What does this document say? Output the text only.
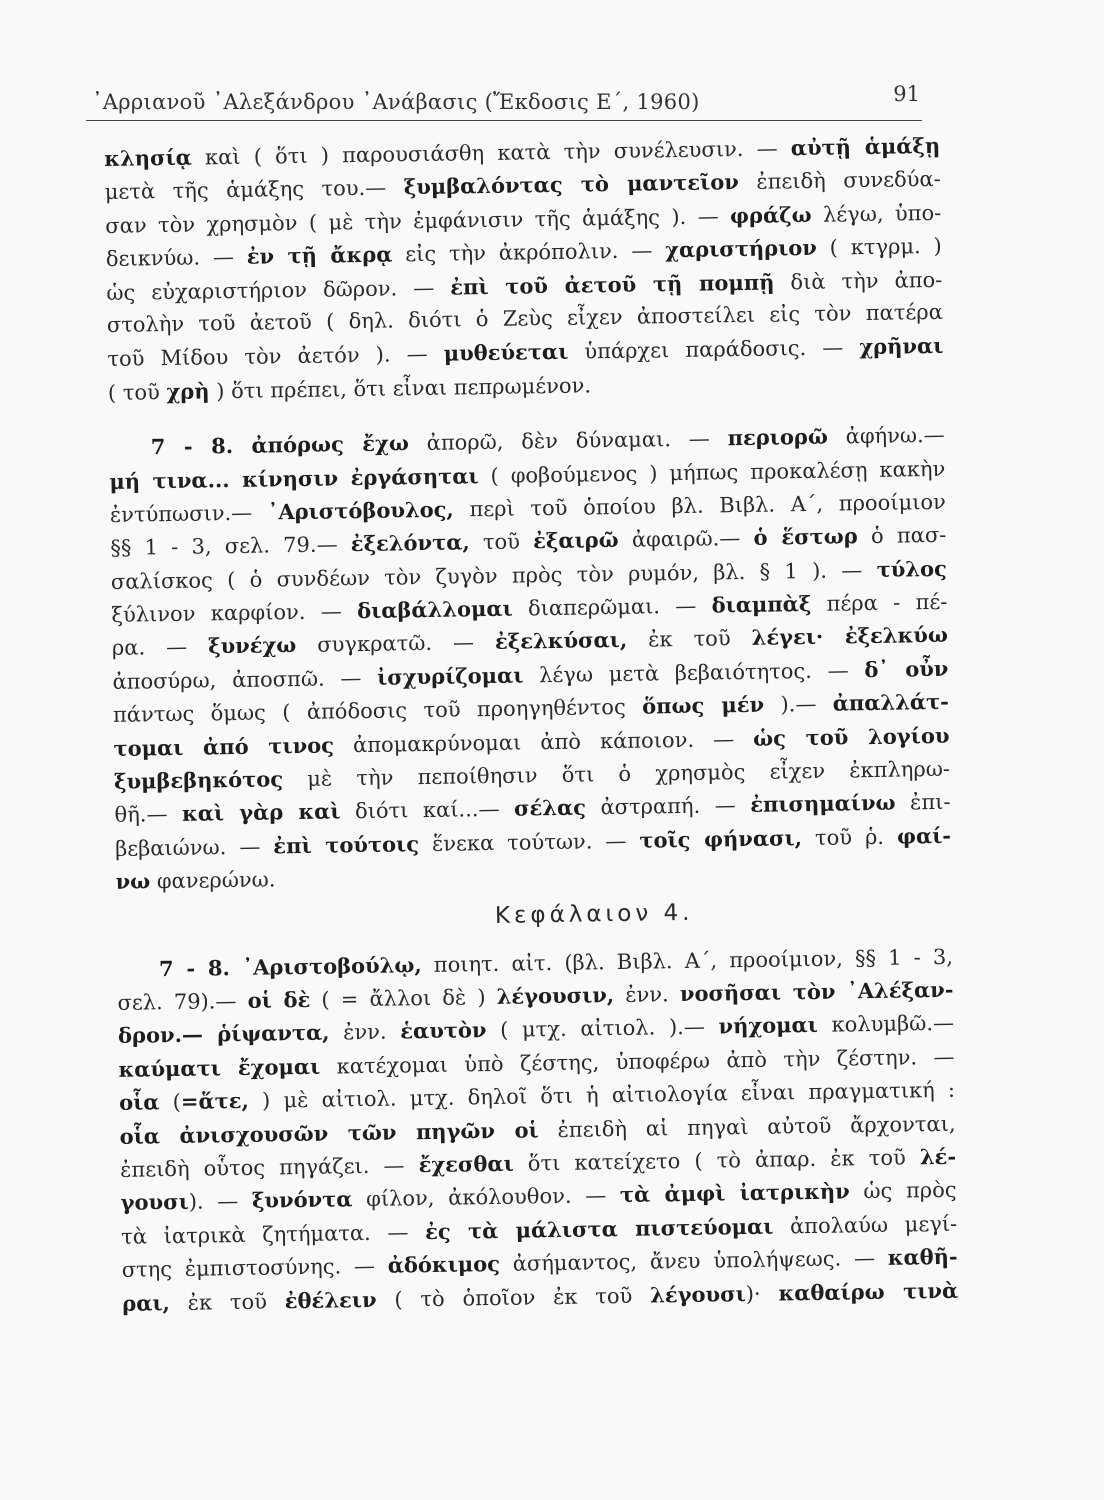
᾿Αρριανοῦ ᾿Αλεξάνδρου ᾿Ανάβασις (Ἔκδοσις Ε΄, 1960)	91
κλησίᾳ καὶ ( ὅτι ) παρουσιάσθη κατὰ τὴν συνέλευσιν. — αὐτῇ ἁμάξῃ
μετὰ τῆς ἁμάξης του.— ξυμβαλόντας τὸ μαντεῖον ἐπειδὴ συνεδύα-
σαν τὸν χρησμὸν ( μὲ τὴν ἐμφάνισιν τῆς ἁμάξης ). — φράζω λέγω, ὑπο-
δεικνύω. — ἐν τῇ ἄκρᾳ εἰς τὴν ἀκρόπολιν. — χαριστήριον ( κτγρμ. )
ὡς εὐχαριστήριον δῶρον. — ἐπὶ τοῦ ἀετοῦ τῇ πομπῇ διὰ τὴν ἀπο-
στολὴν τοῦ ἀετοῦ ( δηλ. διότι ὁ Ζεὺς εἶχεν ἀποστείλει εἰς τὸν πατέρα
τοῦ Μίδου τὸν ἀετόν ). — μυθεύεται ὑπάρχει παράδοσις. — χρῆναι
( τοῦ χρὴ ) ὅτι πρέπει, ὅτι εἶναι πεπρωμένον.
7 - 8. ἀπόρως ἔχω ἀπορῶ, δὲν δύναμαι. — περιορῶ ἀφήνω.—
μή τινα... κίνησιν ἐργάσηται ( φοβούμενος ) μήπως προκαλέσῃ κακὴν
ἐντύπωσιν.— ᾿Αριστόβουλος, περὶ τοῦ ὁποίου βλ. Βιβλ. Α΄, προοίμιον
§§ 1 - 3, σελ. 79.— ἐξελόντα, τοῦ ἐξαιρῶ ἀφαιρῶ.— ὁ ἕστωρ ὁ πασ-
σαλίσκος ( ὁ συνδέων τὸν ζυγὸν πρὸς τὸν ρυμόν, βλ. § 1 ). — τύλος
ξύλινον καρφίον. — διαβάλλομαι διαπερῶμαι. — διαμπὰξ πέρα - πέ-
ρα. — ξυνέχω συγκρατῶ. — ἐξελκύσαι, ἐκ τοῦ λέγει· ἐξελκύω
ἀποσύρω, ἀποσπῶ. — ἰσχυρίζομαι λέγω μετὰ βεβαιότητος. — δ᾿ οὖν
πάντως ὅμως ( ἀπόδοσις τοῦ προηγηθέντος ὅπως μέν ).— ἀπαλλάτ-
τομαι ἀπό τινος ἀπομακρύνομαι ἀπὸ κάποιον. — ὡς τοῦ λογίου
ξυμβεβηκότος μὲ τὴν πεποίθησιν ὅτι ὁ χρησμὸς εἶχεν ἐκπληρω-
θῆ.— καὶ γὰρ καὶ διότι καί...— σέλας ἀστραπή. — ἐπισημαίνω ἐπι-
βεβαιώνω. — ἐπὶ τούτοις ἕνεκα τούτων. — τοῖς φήνασι, τοῦ ῥ. φαί-
νω φανερώνω.
Κεφάλαιον 4.
7 - 8. ᾿Αριστοβούλῳ, ποιητ. αἰτ. (βλ. Βιβλ. Α΄, προοίμιον, §§ 1 - 3,
σελ. 79).— οἱ δὲ ( = ἄλλοι δὲ ) λέγουσιν, ἐνν. νοσῆσαι τὸν ᾿Αλέξαν-
δρον.— ῥίψαντα, ἐνν. ἑαυτὸν ( μτχ. αἰτιολ. ).— νήχομαι κολυμβῶ.—
καύματι ἔχομαι κατέχομαι ὑπὸ ζέστης, ὑποφέρω ἀπὸ τὴν ζέστην. —
οἷα (=ἅτε, ) μὲ αἰτιολ. μτχ. δηλοῖ ὅτι ἡ αἰτιολογία εἶναι πραγματική :
οἷα ἀνισχουσῶν τῶν πηγῶν οἱ ἐπειδὴ αἱ πηγαὶ αὐτοῦ ἄρχονται,
ἐπειδὴ οὗτος πηγάζει. — ἔχεσθαι ὅτι κατείχετο ( τὸ ἀπαρ. ἐκ τοῦ λέ-
γουσι). — ξυνόντα φίλον, ἀκόλουθον. — τὰ ἀμφὶ ἰατρικὴν ὡς πρὸς
τὰ ἰατρικὰ ζητήματα. — ἐς τὰ μάλιστα πιστεύομαι ἀπολαύω μεγί-
στης ἐμπιστοσύνης. — ἀδόκιμος ἀσήμαντος, ἄνευ ὑπολήψεως. — καθῆ-
ραι, ἐκ τοῦ ἐθέλειν ( τὸ ὁποῖον ἐκ τοῦ λέγουσι)· καθαίρω τινὰ
